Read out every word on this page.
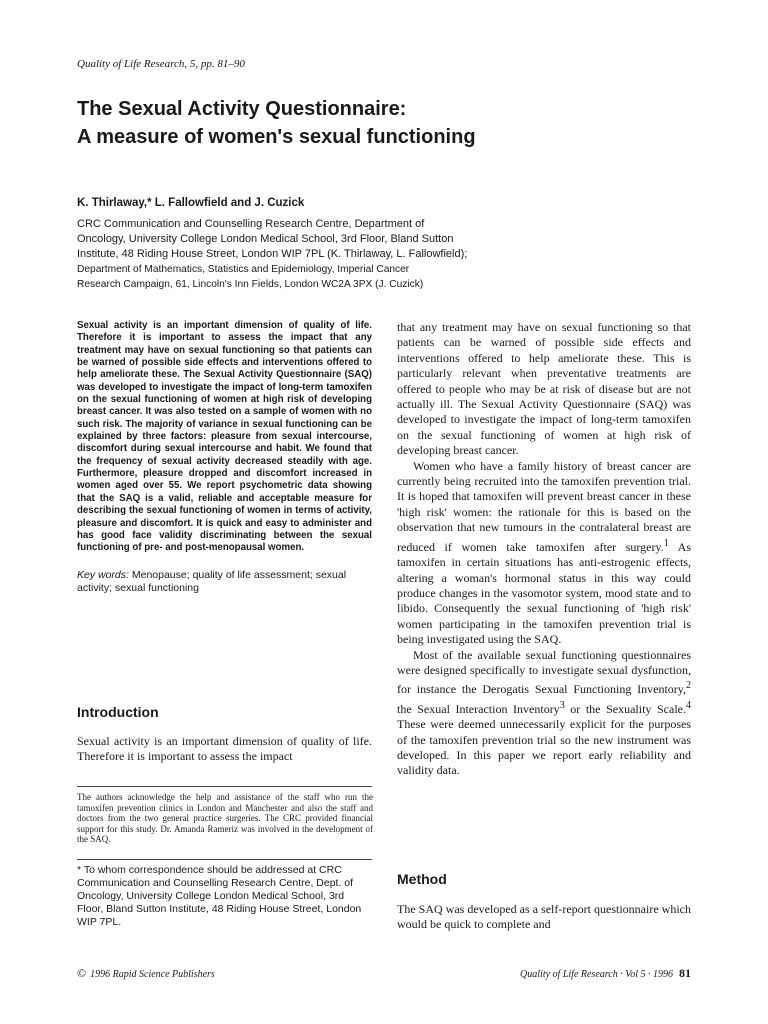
Quality of Life Research, 5, pp. 81–90
The Sexual Activity Questionnaire:
A measure of women's sexual functioning
K. Thirlaway,* L. Fallowfield and J. Cuzick
CRC Communication and Counselling Research Centre, Department of
Oncology, University College London Medical School, 3rd Floor, Bland Sutton
Institute, 48 Riding House Street, London WIP 7PL (K. Thirlaway, L. Fallowfield);
Department of Mathematics, Statistics and Epidemiology, Imperial Cancer
Research Campaign, 61, Lincoln's Inn Fields, London WC2A 3PX (J. Cuzick)

Sexual activity is an important dimension of quality of life. Therefore it is important to assess the impact that any treatment may have on sexual functioning so that patients can be warned of possible side effects and interventions offered to help ameliorate these. The Sexual Activity Questionnaire (SAQ) was developed to investigate the impact of long-term tamoxifen on the sexual functioning of women at high risk of developing breast cancer. It was also tested on a sample of women with no such risk. The majority of variance in sexual functioning can be explained by three factors: pleasure from sexual intercourse, discomfort during sexual intercourse and habit. We found that the frequency of sexual activity decreased steadily with age. Furthermore, pleasure dropped and discomfort increased in women aged over 55. We report psychometric data showing that the SAQ is a valid, reliable and acceptable measure for describing the sexual functioning of women in terms of activity, pleasure and discomfort. It is quick and easy to administer and has good face validity discriminating between the sexual functioning of pre- and post-menopausal women.

Key words: Menopause; quality of life assessment; sexual activity; sexual functioning
Introduction
Sexual activity is an important dimension of quality of life. Therefore it is important to assess the impact
The authors acknowledge the help and assistance of the staff who run the tamoxifen prevention clinics in London and Manchester and also the staff and doctors from the two general practice surgeries. The CRC provided financial support for this study. Dr. Amanda Rameriz was involved in the development of the SAQ.
* To whom correspondence should be addressed at CRC Communication and Counselling Research Centre, Dept. of Oncology, University College London Medical School, 3rd Floor, Bland Sutton Institute, 48 Riding House Street, London WIP 7PL.

that any treatment may have on sexual functioning so that patients can be warned of possible side effects and interventions offered to help ameliorate these. This is particularly relevant when preventative treatments are offered to people who may be at risk of disease but are not actually ill. The Sexual Activity Questionnaire (SAQ) was developed to investigate the impact of long-term tamoxifen on the sexual functioning of women at high risk of developing breast cancer.

Women who have a family history of breast cancer are currently being recruited into the tamoxifen prevention trial. It is hoped that tamoxifen will prevent breast cancer in these 'high risk' women: the rationale for this is based on the observation that new tumours in the contralateral breast are reduced if women take tamoxifen after surgery.$^1$ As tamoxifen in certain situations has anti-estrogenic effects, altering a woman's hormonal status in this way could produce changes in the vasomotor system, mood state and to libido. Consequently the sexual functioning of 'high risk' women participating in the tamoxifen prevention trial is being investigated using the SAQ.

Most of the available sexual functioning questionnaires were designed specifically to investigate sexual dysfunction, for instance the Derogatis Sexual Functioning Inventory,$^2$ the Sexual Interaction Inventory$^3$ or the Sexuality Scale.$^4$ These were deemed unnecessarily explicit for the purposes of the tamoxifen prevention trial so the new instrument was developed. In this paper we report early reliability and validity data.

Method

The SAQ was developed as a self-report questionnaire which would be quick to complete and

© 1996 Rapid Science Publishers	Quality of Life Research · Vol 5 · 1996 81
